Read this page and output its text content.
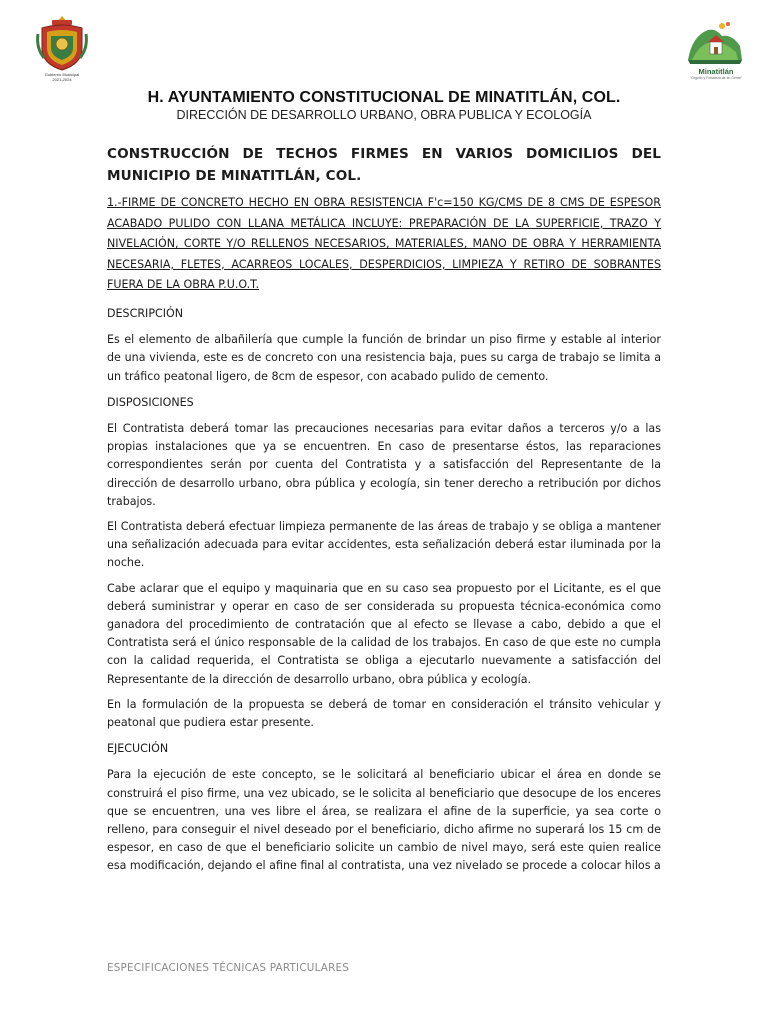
Gobierno Municipal
2021-2024
Minatitlán
"Orgullo y Fortaleza de su Gente"
H. AYUNTAMIENTO CONSTITUCIONAL DE MINATITLÁN, COL.
DIRECCIÓN DE DESARROLLO URBANO, OBRA PUBLICA Y ECOLOGÍA
CONSTRUCCIÓN DE TECHOS FIRMES EN VARIOS DOMICILIOS DEL MUNICIPIO DE MINATITLÁN, COL.
1.-FIRME DE CONCRETO HECHO EN OBRA RESISTENCIA F'c=150 KG/CMS DE 8 CMS DE ESPESOR ACABADO PULIDO CON LLANA METÁLICA INCLUYE: PREPARACIÓN DE LA SUPERFICIE, TRAZO Y NIVELACIÓN, CORTE Y/O RELLENOS NECESARIOS, MATERIALES, MANO DE OBRA Y HERRAMIENTA NECESARIA, FLETES, ACARREOS LOCALES, DESPERDICIOS, LIMPIEZA Y RETIRO DE SOBRANTES FUERA DE LA OBRA P.U.O.T.
DESCRIPCIÓN
Es el elemento de albañilería que cumple la función de brindar un piso firme y estable al interior de una vivienda, este es de concreto con una resistencia baja, pues su carga de trabajo se limita a un tráfico peatonal ligero, de 8cm de espesor, con acabado pulido de cemento.
DISPOSICIONES
El Contratista deberá tomar las precauciones necesarias para evitar daños a terceros y/o a las propias instalaciones que ya se encuentren. En caso de presentarse éstos, las reparaciones correspondientes serán por cuenta del Contratista y a satisfacción del Representante de la dirección de desarrollo urbano, obra pública y ecología, sin tener derecho a retribución por dichos trabajos.
El Contratista deberá efectuar limpieza permanente de las áreas de trabajo y se obliga a mantener una señalización adecuada para evitar accidentes, esta señalización deberá estar iluminada por la noche.
Cabe aclarar que el equipo y maquinaria que en su caso sea propuesto por el Licitante, es el que deberá suministrar y operar en caso de ser considerada su propuesta técnica-económica como ganadora del procedimiento de contratación que al efecto se llevase a cabo, debido a que el Contratista será el único responsable de la calidad de los trabajos. En caso de que este no cumpla con la calidad requerida, el Contratista se obliga a ejecutarlo nuevamente a satisfacción del Representante de la dirección de desarrollo urbano, obra pública y ecología.
En la formulación de la propuesta se deberá de tomar en consideración el tránsito vehicular y peatonal que pudiera estar presente.
EJECUCIÓN
Para la ejecución de este concepto, se le solicitará al beneficiario ubicar el área en donde se construirá el piso firme, una vez ubicado, se le solicita al beneficiario que desocupe de los enceres que se encuentren, una ves libre el área, se realizara el afine de la superficie, ya sea corte o relleno, para conseguir el nivel deseado por el beneficiario, dicho afirme no superará los 15 cm de espesor, en caso de que el beneficiario solicite un cambio de nivel mayo, será este quien realice esa modificación, dejando el afine final al contratista, una vez nivelado se procede a colocar hilos a
ESPECIFICACIONES TÉCNICAS PARTICULARES
